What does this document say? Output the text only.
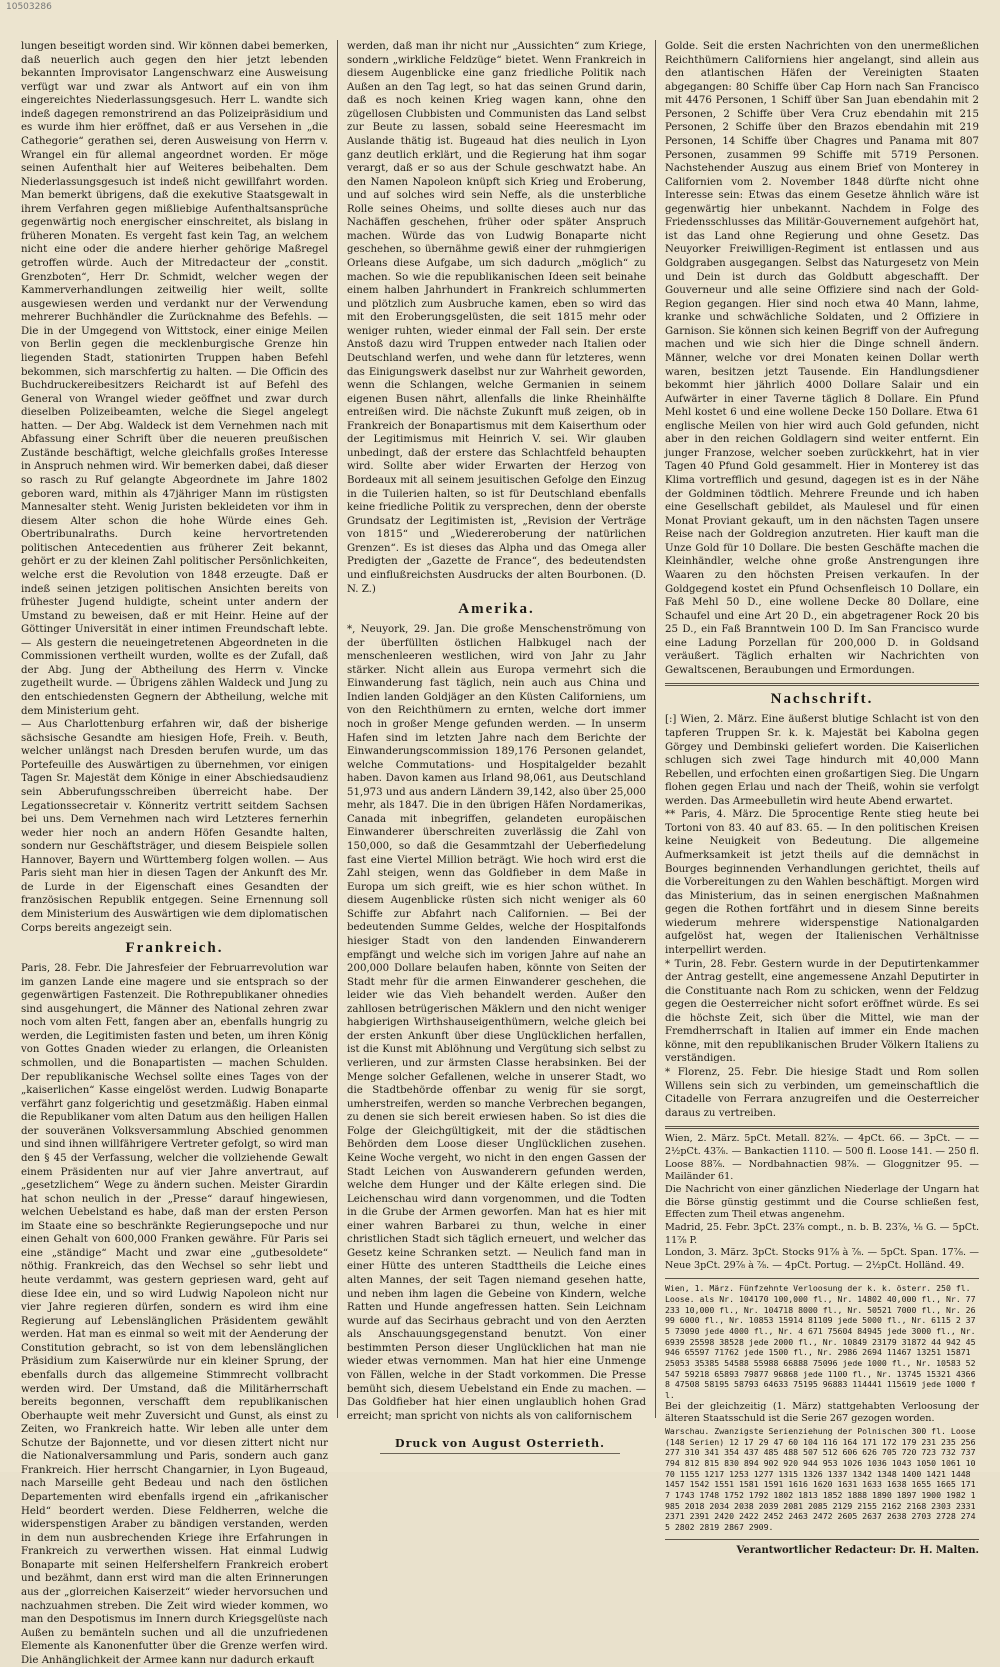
10503286

lungen beseitigt worden sind. Wir können dabei bemerken, daß neuerlich auch gegen den hier jetzt lebenden bekannten Improvisator Langenschwarz eine Ausweisung verfügt war und zwar als Antwort auf ein von ihm eingereichtes Niederlassungsgesuch. Herr L. wandte sich indeß dagegen remonstrirend an das Polizeipräsidium und es wurde ihm hier eröffnet, daß er aus Versehen in „die Cathegorie“ gerathen sei, deren Ausweisung von Herrn v. Wrangel ein für allemal angeordnet worden. Er möge seinen Aufenthalt hier auf Weiteres beibehalten. Dem Niederlassungsgesuch ist indeß nicht gewillfahrt worden. Man bemerkt übrigens, daß die exekutive Staatsgewalt in ihrem Verfahren gegen mißliebige Aufenthaltsansprüche gegenwärtig noch energischer einschreitet, als bislang in früheren Monaten. Es vergeht fast kein Tag, an welchem nicht eine oder die andere hierher gehörige Maßregel getroffen würde. Auch der Mitredacteur der „constit. Grenzboten“, Herr Dr. Schmidt, welcher wegen der Kammerverhandlungen zeitweilig hier weilt, sollte ausgewiesen werden und verdankt nur der Verwendung mehrerer Buchhändler die Zurücknahme des Befehls. — Die in der Umgegend von Wittstock, einer einige Meilen von Berlin gegen die mecklenburgische Grenze hin liegenden Stadt, stationirten Truppen haben Befehl bekommen, sich marschfertig zu halten. — Die Officin des Buchdruckereibesitzers Reichardt ist auf Befehl des General von Wrangel wieder geöffnet und zwar durch dieselben Polizeibeamten, welche die Siegel angelegt hatten. — Der Abg. Waldeck ist dem Vernehmen nach mit Abfassung einer Schrift über die neueren preußischen Zustände beschäftigt, welche gleichfalls großes Interesse in Anspruch nehmen wird. Wir bemerken dabei, daß dieser so rasch zu Ruf gelangte Abgeordnete im Jahre 1802 geboren ward, mithin als 47jähriger Mann im rüstigsten Mannesalter steht. Wenig Juristen bekleideten vor ihm in diesem Alter schon die hohe Würde eines Geh. Obertribunalraths. Durch keine hervortretenden politischen Antecedentien aus früherer Zeit bekannt, gehört er zu der kleinen Zahl politischer Persönlichkeiten, welche erst die Revolution von 1848 erzeugte. Daß er indeß seinen jetzigen politischen Ansichten bereits von frühester Jugend huldigte, scheint unter andern der Umstand zu beweisen, daß er mit Heinr. Heine auf der Göttinger Universität in einer intimen Freundschaft lebte. — Als gestern die neueingetretenen Abgeordneten in die Commissionen vertheilt wurden, wollte es der Zufall, daß der Abg. Jung der Abtheilung des Herrn v. Vincke zugetheilt wurde. — Übrigens zählen Waldeck und Jung zu den entschiedensten Gegnern der Abtheilung, welche mit dem Ministerium geht.

— Aus Charlottenburg erfahren wir, daß der bisherige sächsische Gesandte am hiesigen Hofe, Freih. v. Beuth, welcher unlängst nach Dresden berufen wurde, um das Portefeuille des Auswärtigen zu übernehmen, vor einigen Tagen Sr. Majestät dem Könige in einer Abschiedsaudienz sein Abberufungsschreiben überreicht habe. Der Legationssecretair v. Könneritz vertritt seitdem Sachsen bei uns. Dem Vernehmen nach wird Letzteres fernerhin weder hier noch an andern Höfen Gesandte halten, sondern nur Geschäftsträger, und diesem Beispiele sollen Hannover, Bayern und Württemberg folgen wollen. — Aus Paris sieht man hier in diesen Tagen der Ankunft des Mr. de Lurde in der Eigenschaft eines Gesandten der französischen Republik entgegen. Seine Ernennung soll dem Ministerium des Auswärtigen wie dem diplomatischen Corps bereits angezeigt sein.

Frankreich.

Paris, 28. Febr. Die Jahresfeier der Februarrevolution war im ganzen Lande eine magere und sie entsprach so der gegenwärtigen Fastenzeit. Die Rothrepublikaner ohnedies sind ausgehungert, die Männer des National zehren zwar noch vom alten Fett, fangen aber an, ebenfalls hungrig zu werden, die Legitimisten fasten und beten, um ihren König von Gottes Gnaden wieder zu erlangen, die Orleanisten schmollen, und die Bonapartisten — machen Schulden. Der republikanische Wechsel sollte eines Tages von der „kaiserlichen“ Kasse eingelöst werden. Ludwig Bonaparte verfährt ganz folgerichtig und gesetzmäßig. Haben einmal die Republikaner vom alten Datum aus den heiligen Hallen der souveränen Volksversammlung Abschied genommen und sind ihnen willfährigere Vertreter gefolgt, so wird man den § 45 der Verfassung, welcher die vollziehende Gewalt einem Präsidenten nur auf vier Jahre anvertraut, auf „gesetzlichem“ Wege zu ändern suchen. Meister Girardin hat schon neulich in der „Presse“ darauf hingewiesen, welchen Uebelstand es habe, daß man der ersten Person im Staate eine so beschränkte Regierungsepoche und nur einen Gehalt von 600,000 Franken gewähre. Für Paris sei eine „ständige“ Macht und zwar eine „gutbesoldete“ nöthig. Frankreich, das den Wechsel so sehr liebt und heute verdammt, was gestern gepriesen ward, geht auf diese Idee ein, und so wird Ludwig Napoleon nicht nur vier Jahre regieren dürfen, sondern es wird ihm eine Regierung auf Lebenslänglichen Präsidentem gewählt werden. Hat man es einmal so weit mit der Aenderung der Constitution gebracht, so ist von dem lebenslänglichen Präsidium zum Kaiserwürde nur ein kleiner Sprung, der ebenfalls durch das allgemeine Stimmrecht vollbracht werden wird. Der Umstand, daß die Militärherrschaft bereits begonnen, verschafft dem republikanischen Oberhaupte weit mehr Zuversicht und Gunst, als einst zu Zeiten, wo Frankreich hatte. Wir leben alle unter dem Schutze der Bajonnette, und vor diesen zittert nicht nur die Nationalversammlung und Paris, sondern auch ganz Frankreich. Hier herrscht Changarnier, in Lyon Bugeaud, nach Marseille geht Bedeau und nach den östlichen Departementen wird ebenfalls irgend ein „afrikanischer Held“ beordert werden. Diese Feldherren, welche die widerspenstigen Araber zu bändigen verstanden, werden in dem nun ausbrechenden Kriege ihre Erfahrungen in Frankreich zu verwerthen wissen. Hat einmal Ludwig Bonaparte mit seinen Helfershelfern Frankreich erobert und bezähmt, dann erst wird man die alten Erinnerungen aus der „glorreichen Kaiserzeit“ wieder hervorsuchen und nachzuahmen streben. Die Zeit wird wieder kommen, wo man den Despotismus im Innern durch Kriegsgelüste nach Außen zu bemänteln suchen und all die unzufriedenen Elemente als Kanonenfutter über die Grenze werfen wird. Die Anhänglichkeit der Armee kann nur dadurch erkauft

werden, daß man ihr nicht nur „Aussichten“ zum Kriege, sondern „wirkliche Feldzüge“ bietet. Wenn Frankreich in diesem Augenblicke eine ganz friedliche Politik nach Außen an den Tag legt, so hat das seinen Grund darin, daß es noch keinen Krieg wagen kann, ohne den zügellosen Clubbisten und Communisten das Land selbst zur Beute zu lassen, sobald seine Heeresmacht im Auslande thätig ist. Bugeaud hat dies neulich in Lyon ganz deutlich erklärt, und die Regierung hat ihm sogar verargt, daß er so aus der Schule geschwatzt habe. An den Namen Napoleon knüpft sich Krieg und Eroberung, und auf solches wird sein Neffe, als die unsterbliche Rolle seines Oheims, und sollte dieses auch nur das Nachäffen geschehen, früher oder später Anspruch machen. Würde das von Ludwig Bonaparte nicht geschehen, so übernähme gewiß einer der ruhmgierigen Orleans diese Aufgabe, um sich dadurch „möglich“ zu machen. So wie die republikanischen Ideen seit beinahe einem halben Jahrhundert in Frankreich schlummerten und plötzlich zum Ausbruche kamen, eben so wird das mit den Eroberungsgelüsten, die seit 1815 mehr oder weniger ruhten, wieder einmal der Fall sein. Der erste Anstoß dazu wird Truppen entweder nach Italien oder Deutschland werfen, und wehe dann für letzteres, wenn das Einigungswerk daselbst nur zur Wahrheit geworden, wenn die Schlangen, welche Germanien in seinem eigenen Busen nährt, allenfalls die linke Rheinhälfte entreißen wird. Die nächste Zukunft muß zeigen, ob in Frankreich der Bonapartismus mit dem Kaiserthum oder der Legitimismus mit Heinrich V. sei. Wir glauben unbedingt, daß der erstere das Schlachtfeld behaupten wird. Sollte aber wider Erwarten der Herzog von Bordeaux mit all seinem jesuitischen Gefolge den Einzug in die Tuilerien halten, so ist für Deutschland ebenfalls keine friedliche Politik zu versprechen, denn der oberste Grundsatz der Legitimisten ist, „Revision der Verträge von 1815“ und „Wiedereroberung der natürlichen Grenzen“. Es ist dieses das Alpha und das Omega aller Predigten der „Gazette de France“, des bedeutendsten und einflußreichsten Ausdrucks der alten Bourbonen. (D. N. Z.)

Amerika.

*, Neuyork, 29. Jan. Die große Menschenströmung von der überfüllten östlichen Halbkugel nach der menschenleeren westlichen, wird von Jahr zu Jahr stärker. Nicht allein aus Europa vermehrt sich die Einwanderung fast täglich, nein auch aus China und Indien landen Goldjäger an den Küsten Californiens, um von den Reichthümern zu ernten, welche dort immer noch in großer Menge gefunden werden. — In unserm Hafen sind im letzten Jahre nach dem Berichte der Einwanderungscommission 189,176 Personen gelandet, welche Commutations- und Hospitalgelder bezahlt haben. Davon kamen aus Irland 98,061, aus Deutschland 51,973 und aus andern Ländern 39,142, also über 25,000 mehr, als 1847. Die in den übrigen Häfen Nordamerikas, Canada mit inbegriffen, gelandeten europäischen Einwanderer überschreiten zuverlässig die Zahl von 150,000, so daß die Gesammtzahl der Ueberfiedelung fast eine Viertel Million beträgt. Wie hoch wird erst die Zahl steigen, wenn das Goldfieber in dem Maße in Europa um sich greift, wie es hier schon wüthet. In diesem Augenblicke rüsten sich nicht weniger als 60 Schiffe zur Abfahrt nach Californien. — Bei der bedeutenden Summe Geldes, welche der Hospitalfonds hiesiger Stadt von den landenden Einwanderern empfängt und welche sich im vorigen Jahre auf nahe an 200,000 Dollare belaufen haben, könnte von Seiten der Stadt mehr für die armen Einwanderer geschehen, die leider wie das Vieh behandelt werden. Außer den zahllosen betrügerischen Mäklern und den nicht weniger habgierigen Wirthshauseigenthümern, welche gleich bei der ersten Ankunft über diese Unglücklichen herfallen, ist die Kunst mit Ablöhnung und Vergütung sich selbst zu verlieren, und zur ärmsten Classe herabsinken. Bei der Menge solcher Gefallenen, welche in unserer Stadt, wo die Stadtbehörde offenbar zu wenig für sie sorgt, umherstreifen, werden so manche Verbrechen begangen, zu denen sie sich bereit erwiesen haben. So ist dies die Folge der Gleichgültigkeit, mit der die städtischen Behörden dem Loose dieser Unglücklichen zusehen. Keine Woche vergeht, wo nicht in den engen Gassen der Stadt Leichen von Auswanderern gefunden werden, welche dem Hunger und der Kälte erlegen sind. Die Leichenschau wird dann vorgenommen, und die Todten in die Grube der Armen geworfen. Man hat es hier mit einer wahren Barbarei zu thun, welche in einer christlichen Stadt sich täglich erneuert, und welcher das Gesetz keine Schranken setzt. — Neulich fand man in einer Hütte des unteren Stadttheils die Leiche eines alten Mannes, der seit Tagen niemand gesehen hatte, und neben ihm lagen die Gebeine von Kindern, welche Ratten und Hunde angefressen hatten. Sein Leichnam wurde auf das Secirhaus gebracht und von den Aerzten als Anschauungsgegenstand benutzt. Von einer bestimmten Person dieser Unglücklichen hat man nie wieder etwas vernommen. Man hat hier eine Unmenge von Fällen, welche in der Stadt vorkommen. Die Presse bemüht sich, diesem Uebelstand ein Ende zu machen. — Das Goldfieber hat hier einen unglaublich hohen Grad erreicht; man spricht von nichts als von californischem

Golde. Seit die ersten Nachrichten von den unermeßlichen Reichthümern Californiens hier angelangt, sind allein aus den atlantischen Häfen der Vereinigten Staaten abgegangen: 80 Schiffe über Cap Horn nach San Francisco mit 4476 Personen, 1 Schiff über San Juan ebendahin mit 2 Personen, 2 Schiffe über Vera Cruz ebendahin mit 215 Personen, 2 Schiffe über den Brazos ebendahin mit 219 Personen, 14 Schiffe über Chagres und Panama mit 807 Personen, zusammen 99 Schiffe mit 5719 Personen. Nachstehender Auszug aus einem Brief von Monterey in Californien vom 2. November 1848 dürfte nicht ohne Interesse sein: Etwas das einem Gesetze ähnlich wäre ist gegenwärtig hier unbekannt. Nachdem in Folge des Friedensschlusses das Militär-Gouvernement aufgehört hat, ist das Land ohne Regierung und ohne Gesetz. Das Neuyorker Freiwilligen-Regiment ist entlassen und aus Goldgraben ausgegangen. Selbst das Naturgesetz von Mein und Dein ist durch das Goldbutt abgeschafft. Der Gouverneur und alle seine Offiziere sind nach der Gold-Region gegangen. Hier sind noch etwa 40 Mann, lahme, kranke und schwächliche Soldaten, und 2 Offiziere in Garnison. Sie können sich keinen Begriff von der Aufregung machen und wie sich hier die Dinge schnell ändern. Männer, welche vor drei Monaten keinen Dollar werth waren, besitzen jetzt Tausende. Ein Handlungsdiener bekommt hier jährlich 4000 Dollare Salair und ein Aufwärter in einer Taverne täglich 8 Dollare. Ein Pfund Mehl kostet 6 und eine wollene Decke 150 Dollare. Etwa 61 englische Meilen von hier wird auch Gold gefunden, nicht aber in den reichen Goldlagern sind weiter entfernt. Ein junger Franzose, welcher soeben zurückkehrt, hat in vier Tagen 40 Pfund Gold gesammelt. Hier in Monterey ist das Klima vortrefflich und gesund, dagegen ist es in der Nähe der Goldminen tödtlich. Mehrere Freunde und ich haben eine Gesellschaft gebildet, als Maulesel und für einen Monat Proviant gekauft, um in den nächsten Tagen unsere Reise nach der Goldregion anzutreten. Hier kauft man die Unze Gold für 10 Dollare. Die besten Geschäfte machen die Kleinhändler, welche ohne große Anstrengungen ihre Waaren zu den höchsten Preisen verkaufen. In der Goldgegend kostet ein Pfund Ochsenfleisch 10 Dollare, ein Faß Mehl 50 D., eine wollene Decke 80 Dollare, eine Schaufel und eine Art 20 D., ein abgetragener Rock 20 bis 25 D., ein Faß Branntwein 100 D. Im San Francisco wurde eine Ladung Porzellan für 200,000 D. in Goldsand veräußert. Täglich erhalten wir Nachrichten von Gewaltscenen, Beraubungen und Ermordungen.

Nachschrift.

[:] Wien, 2. März. Eine äußerst blutige Schlacht ist von den tapferen Truppen Sr. k. k. Majestät bei Kabolna gegen Görgey und Dembinski geliefert worden. Die Kaiserlichen schlugen sich zwei Tage hindurch mit 40,000 Mann Rebellen, und erfochten einen großartigen Sieg. Die Ungarn flohen gegen Erlau und nach der Theiß, wohin sie verfolgt werden. Das Armeebulletin wird heute Abend erwartet.

** Paris, 4. März. Die 5procentige Rente stieg heute bei Tortoni von 83. 40 auf 83. 65. — In den politischen Kreisen keine Neuigkeit von Bedeutung. Die allgemeine Aufmerksamkeit ist jetzt theils auf die demnächst in Bourges beginnenden Verhandlungen gerichtet, theils auf die Vorbereitungen zu den Wahlen beschäftigt. Morgen wird das Ministerium, das in seinen energischen Maßnahmen gegen die Rothen fortfährt und in diesem Sinne bereits wiederum mehrere widerspenstige Nationalgarden aufgelöst hat, wegen der Italienischen Verhältnisse interpellirt werden.

* Turin, 28. Febr. Gestern wurde in der Deputirtenkammer der Antrag gestellt, eine angemessene Anzahl Deputirter in die Constituante nach Rom zu schicken, wenn der Feldzug gegen die Oesterreicher nicht sofort eröffnet würde. Es sei die höchste Zeit, sich über die Mittel, wie man der Fremdherrschaft in Italien auf immer ein Ende machen könne, mit den republikanischen Bruder Völkern Italiens zu verständigen.

* Florenz, 25. Febr. Die hiesige Stadt und Rom sollen Willens sein sich zu verbinden, um gemeinschaftlich die Citadelle von Ferrara anzugreifen und die Oesterreicher daraus zu vertreiben.

Wien, 2. März. 5pCt. Metall. 82⅞. — 4pCt. 66. — 3pCt. — — 2½pCt. 43⅞. — Bankactien 1110. — 500 fl. Loose 141. — 250 fl. Loose 88⅞. — Nordbahnactien 98⅞. — Gloggnitzer 95. — Mailänder 61.

Die Nachricht von einer gänzlichen Niederlage der Ungarn hat die Börse günstig gestimmt und die Course schließen fest, Effecten zum Theil etwas angenehm.

Madrid, 25. Febr. 3pCt. 23⅞ compt., n. b. B. 23⅞, ⅛ G. — 5pCt. 11⅞ P.

London, 3. März. 3pCt. Stocks 91⅞ à ⅞. — 5pCt. Span. 17⅞. — Neue 3pCt. 29⅞ à ⅞. — 4pCt. Portug. — 2½pCt. Holländ. 49.

Wien, 1. März. Fünfzehnte Verloosung der k. k. österr. 250 fl. Loose. als Nr. 104170 100,000 fl., Nr. 14802 40,000 fl., Nr. 77233 10,000 fl., Nr. 104718 8000 fl., Nr. 50521 7000 fl., Nr. 2699 6000 fl., Nr. 10853 15914 81109 jede 5000 fl., Nr. 6115 2 375 73090 jede 4000 fl., Nr. 4 671 75604 84945 jede 3000 fl., Nr. 6939 25598 38528 jede 2000 fl., Nr. 10849 23179 31872 44 942 45946 65597 71762 jede 1500 fl., Nr. 2986 2694 11467 13251 15871 25053 35385 54588 55988 66888 75096 jede 1000 fl., Nr. 10583 52547 59218 65893 79877 96868 jede 1100 fl., Nr. 13745 15321 43668 47508 58195 58793 64633 75195 96883 114441 115619 jede 1000 fl.

Bei der gleichzeitig (1. März) stattgehabten Verloosung der älteren Staatsschuld ist die Serie 267 gezogen worden.

Warschau. Zwanzigste Serienziehung der Polnischen 300 fl. Loose (148 Serien) 12 17 29 47 60 104 116 164 171 172 179 231 235 256 277 310 341 354 437 485 488 507 512 606 626 705 720 723 732 737 794 812 815 830 894 902 920 944 953 1026 1036 1043 1050 1061 1070 1155 1217 1253 1277 1315 1326 1337 1342 1348 1400 1421 1448 1457 1542 1551 1581 1591 1616 1620 1631 1633 1638 1655 1665 1717 1743 1748 1752 1792 1802 1813 1852 1888 1890 1897 1900 1982 1985 2018 2034 2038 2039 2081 2085 2129 2155 2162 2168 2303 2331 2371 2391 2420 2422 2452 2463 2472 2605 2637 2638 2703 2728 2745 2802 2819 2867 2909.

Verantwortlicher Redacteur: Dr. H. Malten.
Druck von August Osterrieth.
